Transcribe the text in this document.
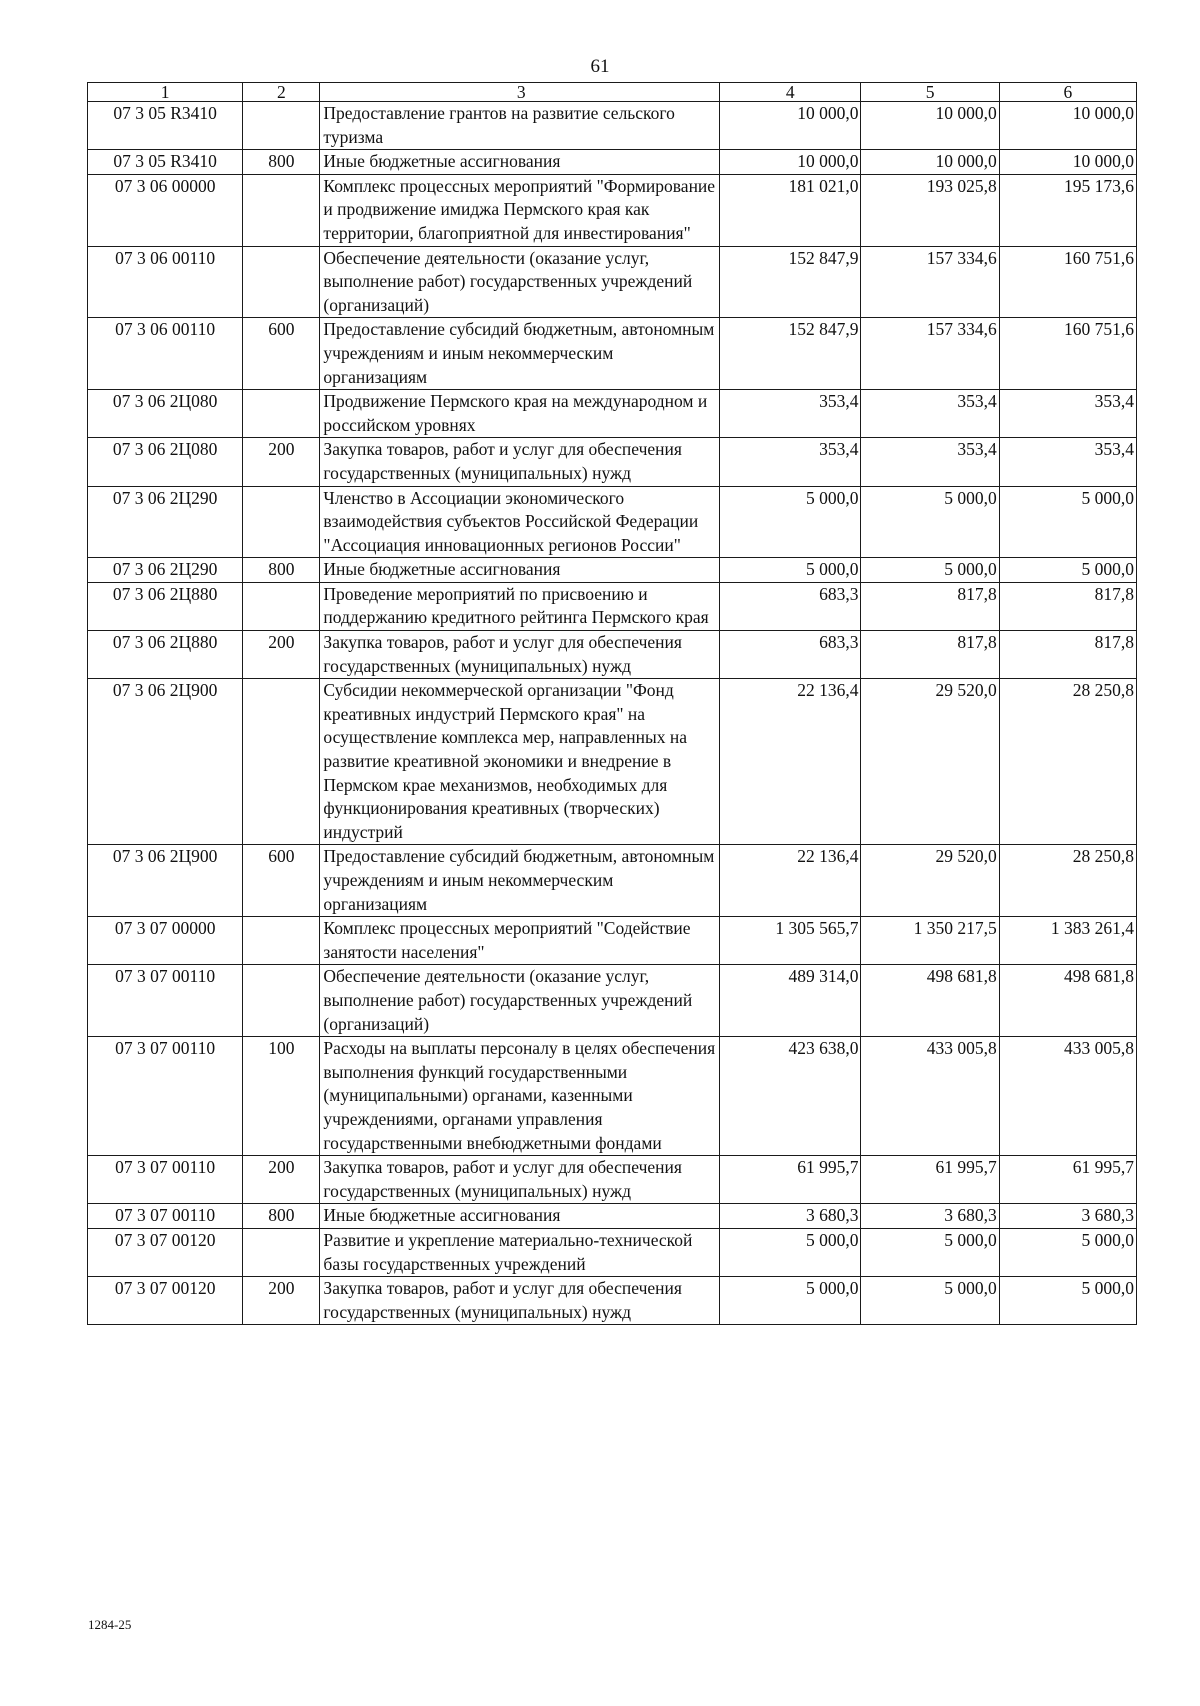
61
1	2	3	4	5	6
07 3 05 R3410		Предоставление грантов на развитие сельского туризма	10 000,0	10 000,0	10 000,0
07 3 05 R3410	800	Иные бюджетные ассигнования	10 000,0	10 000,0	10 000,0
07 3 06 00000		Комплекс процессных мероприятий "Формирование и продвижение имиджа Пермского края как территории, благоприятной для инвестирования"	181 021,0	193 025,8	195 173,6
07 3 06 00110		Обеспечение деятельности (оказание услуг, выполнение работ) государственных учреждений (организаций)	152 847,9	157 334,6	160 751,6
07 3 06 00110	600	Предоставление субсидий бюджетным, автономным учреждениям и иным некоммерческим организациям	152 847,9	157 334,6	160 751,6
07 3 06 2Ц080		Продвижение Пермского края на международном и российском уровнях	353,4	353,4	353,4
07 3 06 2Ц080	200	Закупка товаров, работ и услуг для обеспечения государственных (муниципальных) нужд	353,4	353,4	353,4
07 3 06 2Ц290		Членство в Ассоциации экономического взаимодействия субъектов Российской Федерации "Ассоциация инновационных регионов России"	5 000,0	5 000,0	5 000,0
07 3 06 2Ц290	800	Иные бюджетные ассигнования	5 000,0	5 000,0	5 000,0
07 3 06 2Ц880		Проведение мероприятий по присвоению и поддержанию кредитного рейтинга Пермского края	683,3	817,8	817,8
07 3 06 2Ц880	200	Закупка товаров, работ и услуг для обеспечения государственных (муниципальных) нужд	683,3	817,8	817,8
07 3 06 2Ц900		Субсидии некоммерческой организации "Фонд креативных индустрий Пермского края" на осуществление комплекса мер, направленных на развитие креативной экономики и внедрение в Пермском крае механизмов, необходимых для функционирования креативных (творческих) индустрий	22 136,4	29 520,0	28 250,8
07 3 06 2Ц900	600	Предоставление субсидий бюджетным, автономным учреждениям и иным некоммерческим организациям	22 136,4	29 520,0	28 250,8
07 3 07 00000		Комплекс процессных мероприятий "Содействие занятости населения"	1 305 565,7	1 350 217,5	1 383 261,4
07 3 07 00110		Обеспечение деятельности (оказание услуг, выполнение работ) государственных учреждений (организаций)	489 314,0	498 681,8	498 681,8
07 3 07 00110	100	Расходы на выплаты персоналу в целях обеспечения выполнения функций государственными (муниципальными) органами, казенными учреждениями, органами управления государственными внебюджетными фондами	423 638,0	433 005,8	433 005,8
07 3 07 00110	200	Закупка товаров, работ и услуг для обеспечения государственных (муниципальных) нужд	61 995,7	61 995,7	61 995,7
07 3 07 00110	800	Иные бюджетные ассигнования	3 680,3	3 680,3	3 680,3
07 3 07 00120		Развитие и укрепление материально-технической базы государственных учреждений	5 000,0	5 000,0	5 000,0
07 3 07 00120	200	Закупка товаров, работ и услуг для обеспечения государственных (муниципальных) нужд	5 000,0	5 000,0	5 000,0
1284-25
